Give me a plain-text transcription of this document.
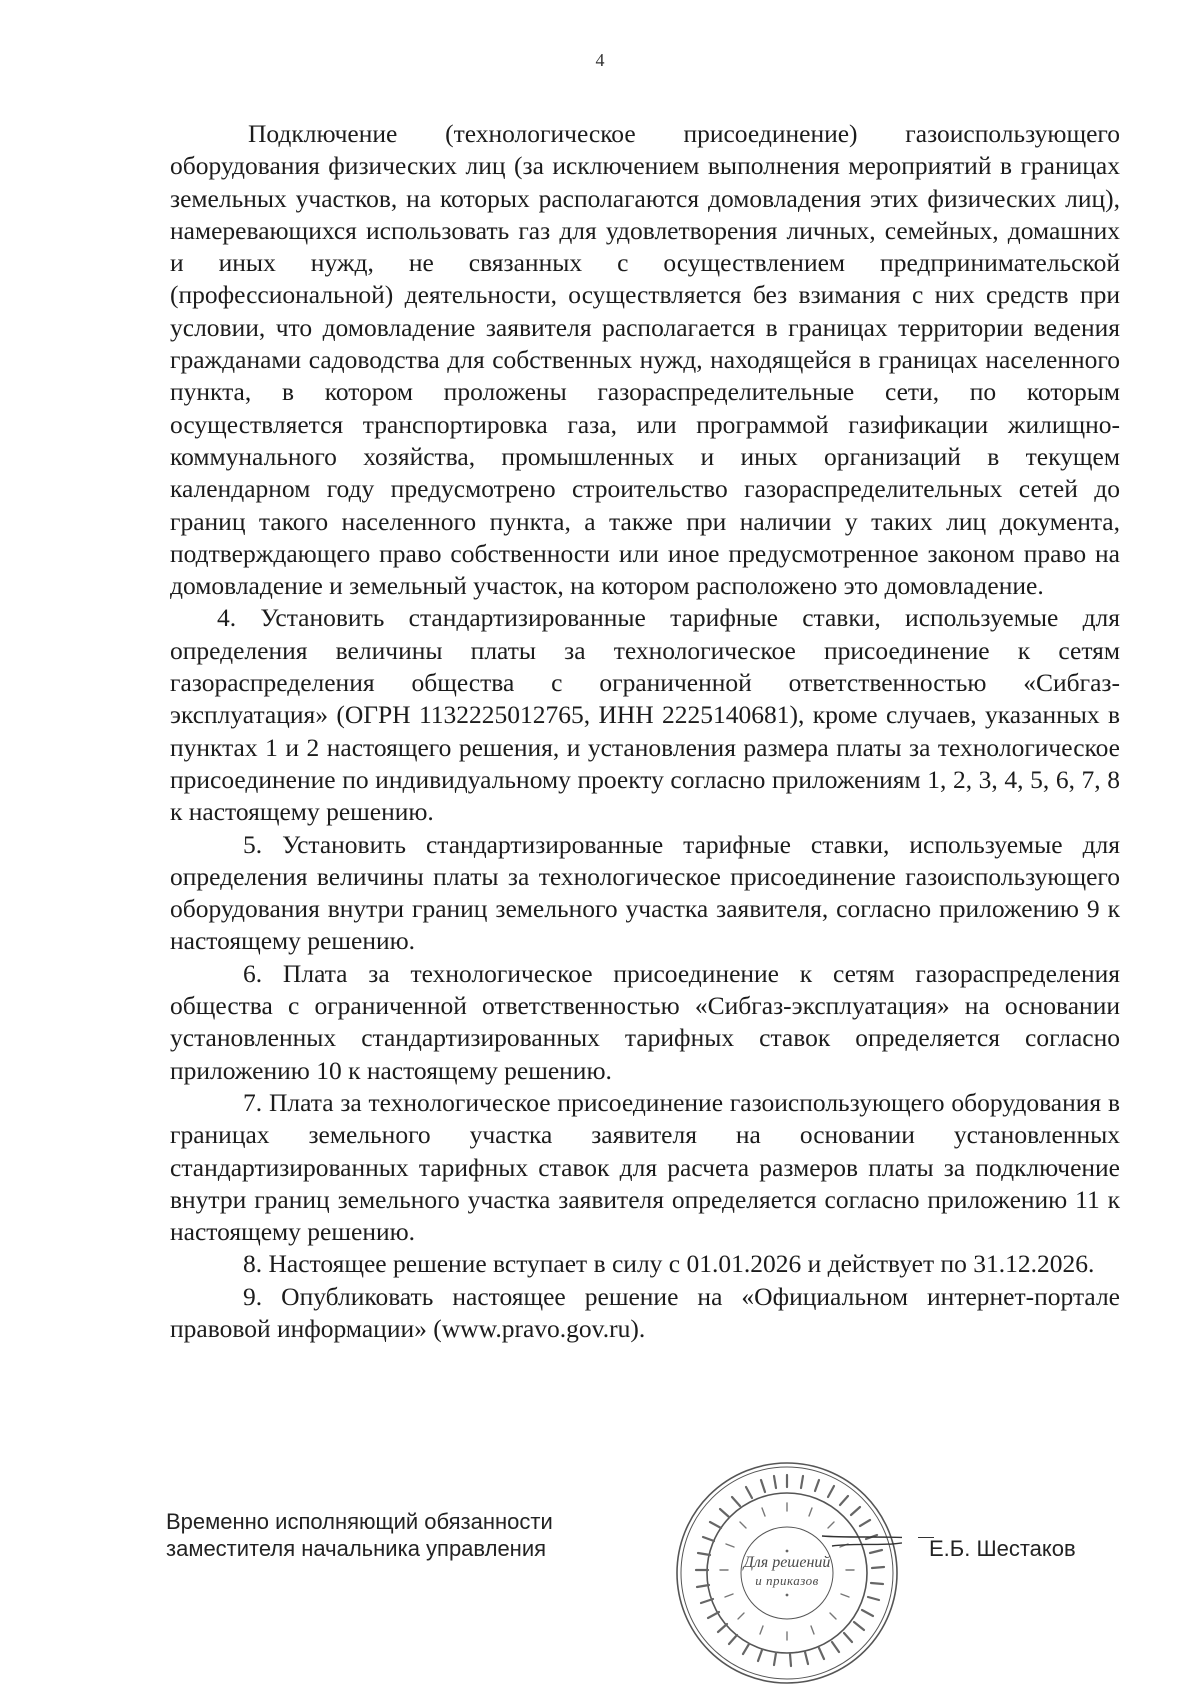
4

Подключение (технологическое присоединение) газоиспользующего оборудования физических лиц (за исключением выполнения мероприятий в границах земельных участков, на которых располагаются домовладения этих физических лиц), намеревающихся использовать газ для удовлетворения личных, семейных, домашних и иных нужд, не связанных с осуществлением предпринимательской (профессиональной) деятельности, осуществляется без взимания с них средств при условии, что домовладение заявителя располагается в границах территории ведения гражданами садоводства для собственных нужд, находящейся в границах населенного пункта, в котором проложены газораспределительные сети, по которым осуществляется транспортировка газа, или программой газификации жилищно-коммунального хозяйства, промышленных и иных организаций в текущем календарном году предусмотрено строительство газораспределительных сетей до границ такого населенного пункта, а также при наличии у таких лиц документа, подтверждающего право собственности или иное предусмотренное законом право на домовладение и земельный участок, на котором расположено это домовладение.

4. Установить стандартизированные тарифные ставки, используемые для определения величины платы за технологическое присоединение к сетям газораспределения общества с ограниченной ответственностью «Сибгаз-эксплуатация» (ОГРН 1132225012765, ИНН 2225140681), кроме случаев, указанных в пунктах 1 и 2 настоящего решения, и установления размера платы за технологическое присоединение по индивидуальному проекту согласно приложениям 1, 2, 3, 4, 5, 6, 7, 8 к настоящему решению.

5. Установить стандартизированные тарифные ставки, используемые для определения величины платы за технологическое присоединение газоиспользующего оборудования внутри границ земельного участка заявителя, согласно приложению 9 к настоящему решению.

6. Плата за технологическое присоединение к сетям газораспределения общества с ограниченной ответственностью «Сибгаз-эксплуатация» на основании установленных стандартизированных тарифных ставок определяется согласно приложению 10 к настоящему решению.

7. Плата за технологическое присоединение газоиспользующего оборудования в границах земельного участка заявителя на основании установленных стандартизированных тарифных ставок для расчета размеров платы за подключение внутри границ земельного участка заявителя определяется согласно приложению 11 к настоящему решению.

8. Настоящее решение вступает в силу с 01.01.2026 и действует по 31.12.2026.

9. Опубликовать настоящее решение на «Официальном интернет-портале правовой информации» (www.pravo.gov.ru).

Временно исполняющий обязанности
заместителя начальника управления
Для решений
и приказов
Е.Б. Шестаков
